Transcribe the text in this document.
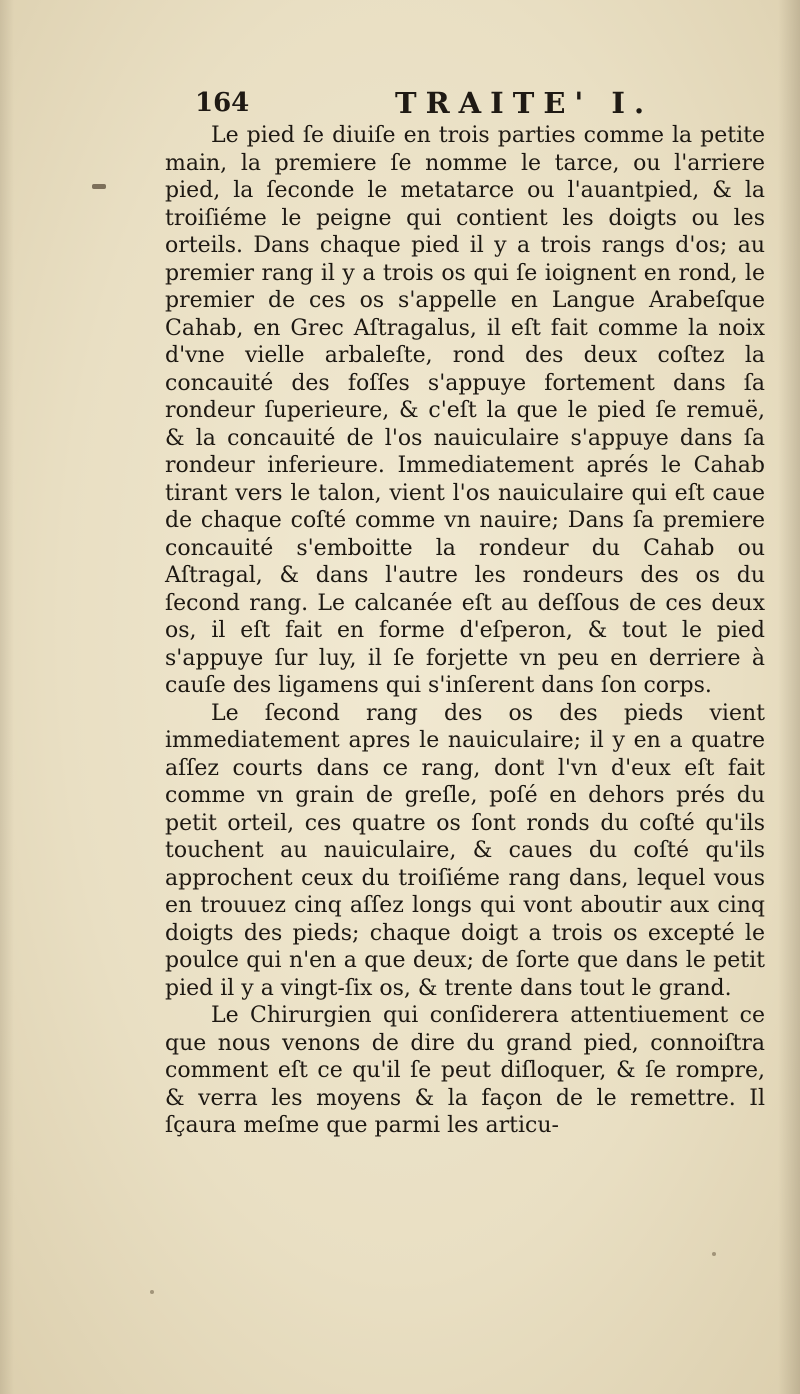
164	TRAITE' I.

Le pied ſe diuiſe en trois parties comme la petite main, la premiere ſe nomme le tarce, ou l'arriere pied, la ſeconde le metatarce ou l'auantpied, & la troiſiéme le peigne qui contient les doigts ou les orteils. Dans chaque pied il y a trois rangs d'os; au premier rang il y a trois os qui ſe ioignent en rond, le premier de ces os s'appelle en Langue Arabeſque Cahab, en Grec Aſtragalus, il eſt fait comme la noix d'vne vielle arbaleſte, rond des deux coſtez la concauité des foſſes s'appuye fortement dans ſa rondeur ſuperieure, & c'eſt la que le pied ſe remuë, & la concauité de l'os nauiculaire s'appuye dans ſa rondeur inferieure. Immediatement aprés le Cahab tirant vers le talon, vient l'os nauiculaire qui eſt caue de chaque coſté comme vn nauire; Dans ſa premiere concauité s'emboitte la rondeur du Cahab ou Aſtragal, & dans l'autre les rondeurs des os du ſecond rang. Le calcanée eſt au deſſous de ces deux os, il eſt fait en forme d'eſperon, & tout le pied s'appuye ſur luy, il ſe forjette vn peu en derriere à cauſe des ligamens qui s'inſerent dans ſon corps.

Le ſecond rang des os des pieds vient immediatement apres le nauiculaire; il y en a quatre aſſez courts dans ce rang, dont l'vn d'eux eſt fait comme vn grain de greſle, poſé en dehors prés du petit orteil, ces quatre os ſont ronds du coſté qu'ils touchent au nauiculaire, & caues du coſté qu'ils approchent ceux du troiſiéme rang dans, lequel vous en trouuez cinq aſſez longs qui vont aboutir aux cinq doigts des pieds; chaque doigt a trois os excepté le poulce qui n'en a que deux; de ſorte que dans le petit pied il y a vingt-ſix os, & trente dans tout le grand.

Le Chirurgien qui conſiderera attentiuement ce que nous venons de dire du grand pied, connoiſtra comment eſt ce qu'il ſe peut diſloquer, & ſe rompre, & verra les moyens & la façon de le remettre. Il ſçaura meſme que parmi les articu-
